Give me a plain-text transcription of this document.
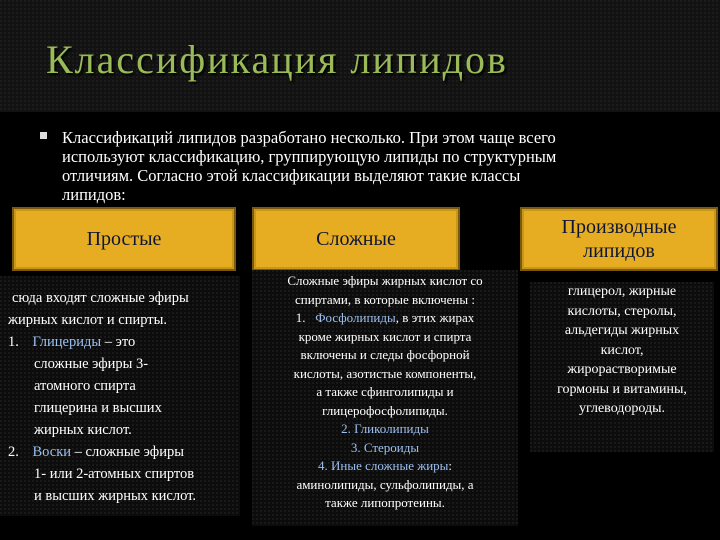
Классификация липидов
Классификаций липидов разработано несколько. При этом чаще всего
используют классификацию, группирующую липиды по структурным
отличиям. Согласно этой классификации выделяют такие классы
липидов:
Простые	Сложные
Производные
липидов
сюда входят сложные эфиры
жирных кислот и спирты.
1. Глицериды – это
сложные эфиры 3-
атомного спирта
глицерина и высших
жирных кислот.
2. Воски – сложные эфиры
1- или 2-атомных спиртов
и высших жирных кислот.
Сложные эфиры жирных кислот со
спиртами, в которые включены :
1. Фосфолипиды, в этих жирах
кроме жирных кислот и спирта
включены и следы фосфорной
кислоты, азотистые компоненты,
а также сфинголипиды и
глицерофосфолипиды.
2. Гликолипиды
3. Стероиды
4. Иные сложные жиры:
аминолипиды, сульфолипиды, а
также липопротеины.
глицерол, жирные
кислоты, стеролы,
альдегиды жирных
кислот,
жирорастворимые
гормоны и витамины,
углеводороды.
